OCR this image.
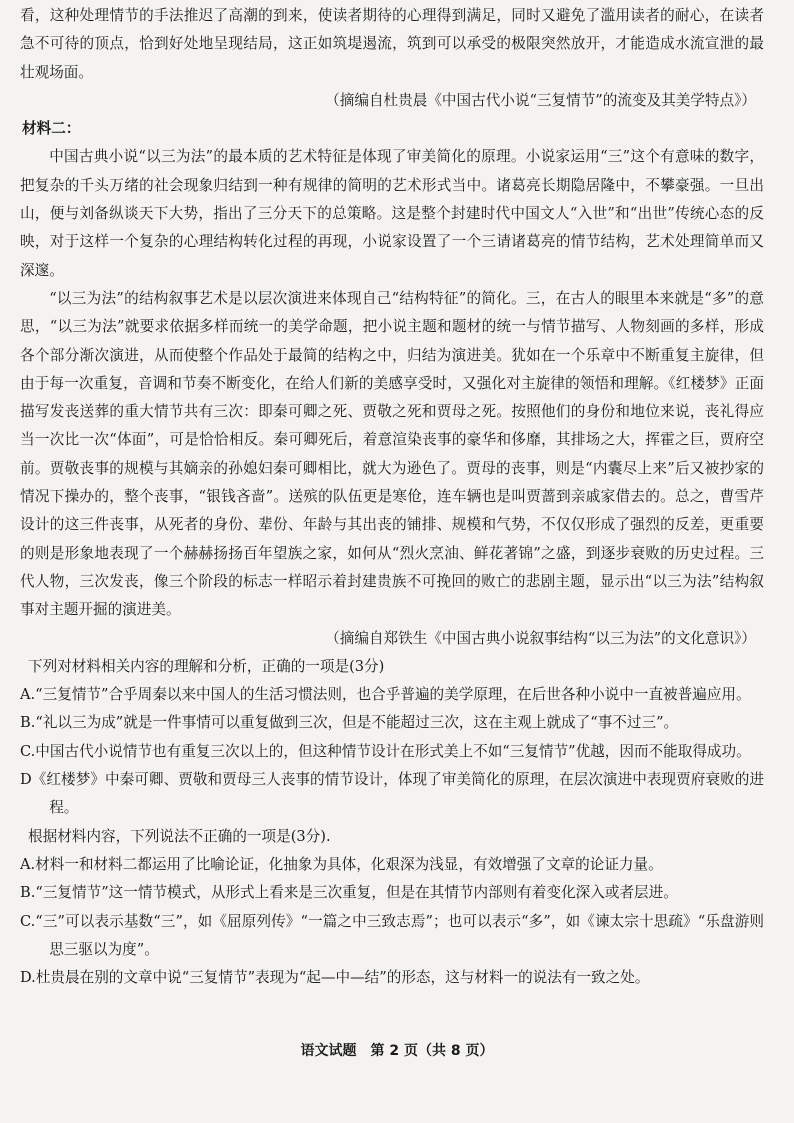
看，这种处理情节的手法推迟了高潮的到来，使读者期待的心理得到满足，同时又避免了滥用读者的耐心，在读者急不可待的顶点，恰到好处地呈现结局，这正如筑堤遏流，筑到可以承受的极限突然放开，才能造成水流宣泄的最壮观场面。

（摘编自杜贵晨《中国古代小说“三复情节”的流变及其美学特点》）

材料二：

中国古典小说“以三为法”的最本质的艺术特征是体现了审美简化的原理。小说家运用“三”这个有意味的数字，把复杂的千头万绪的社会现象归结到一种有规律的简明的艺术形式当中。诸葛亮长期隐居隆中，不攀豪强。一旦出山，便与刘备纵谈天下大势，指出了三分天下的总策略。这是整个封建时代中国文人“入世”和“出世”传统心态的反映，对于这样一个复杂的心理结构转化过程的再现，小说家设置了一个三请诸葛亮的情节结构，艺术处理简单而又深邃。

“以三为法”的结构叙事艺术是以层次演进来体现自己“结构特征”的简化。三，在古人的眼里本来就是“多”的意思，“以三为法”就要求依据多样而统一的美学命题，把小说主题和题材的统一与情节描写、人物刻画的多样，形成各个部分渐次演进，从而使整个作品处于最简的结构之中，归结为演进美。犹如在一个乐章中不断重复主旋律，但由于每一次重复，音调和节奏不断变化，在给人们新的美感享受时，又强化对主旋律的领悟和理解。《红楼梦》正面描写发丧送葬的重大情节共有三次：即秦可卿之死、贾敬之死和贾母之死。按照他们的身份和地位来说，丧礼得应当一次比一次“体面”，可是恰恰相反。秦可卿死后，着意渲染丧事的豪华和侈靡，其排场之大，挥霍之巨，贾府空前。贾敬丧事的规模与其嫡亲的孙媳妇秦可卿相比，就大为逊色了。贾母的丧事，则是“内囊尽上来”后又被抄家的情况下操办的，整个丧事，“银钱吝啬”。送殡的队伍更是寒伧，连车辆也是叫贾蔷到亲戚家借去的。总之，曹雪芹设计的这三件丧事，从死者的身份、辈份、年龄与其出丧的铺排、规模和气势，不仅仅形成了强烈的反差，更重要的则是形象地表现了一个赫赫扬扬百年望族之家，如何从“烈火烹油、鲜花著锦”之盛，到逐步衰败的历史过程。三代人物，三次发丧，像三个阶段的标志一样昭示着封建贵族不可挽回的败亡的悲剧主题，显示出“以三为法”结构叙事对主题开掘的演进美。

（摘编自郑铁生《中国古典小说叙事结构“以三为法”的文化意识》）

下列对材料相关内容的理解和分析，正确的一项是(3分)

A.“三复情节”合乎周秦以来中国人的生活习惯法则，也合乎普遍的美学原理，在后世各种小说中一直被普遍应用。

B.“礼以三为成”就是一件事情可以重复做到三次，但是不能超过三次，这在主观上就成了“事不过三”。

C.中国古代小说情节也有重复三次以上的，但这种情节设计在形式美上不如“三复情节”优越，因而不能取得成功。

D《红楼梦》中秦可卿、贾敬和贾母三人丧事的情节设计，体现了审美简化的原理，在层次演进中表现贾府衰败的进程。

根据材料内容，下列说法不正确的一项是(3分).

A.材料一和材料二都运用了比喻论证，化抽象为具体，化艰深为浅显，有效增强了文章的论证力量。

B.“三复情节”这一情节模式，从形式上看来是三次重复，但是在其情节内部则有着变化深入或者层进。

C.“三”可以表示基数“三”，如《屈原列传》“一篇之中三致志焉”；也可以表示“多”，如《谏太宗十思疏》“乐盘游则思三驱以为度”。

D.杜贵晨在别的文章中说“三复情节”表现为“起—中—结”的形态，这与材料一的说法有一致之处。

语文试题　第 2 页（共 8 页）
